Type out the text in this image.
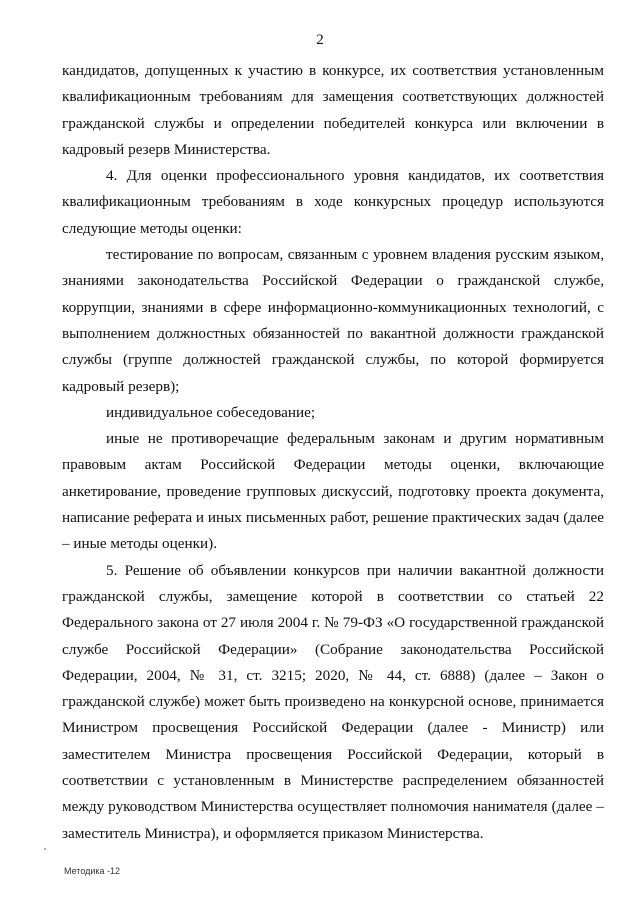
2

кандидатов, допущенных к участию в конкурсе, их соответствия установленным квалификационным требованиям для замещения соответствующих должностей гражданской службы и определении победителей конкурса или включении в кадровый резерв Министерства.

4. Для оценки профессионального уровня кандидатов, их соответствия квалификационным требованиям в ходе конкурсных процедур используются следующие методы оценки:

тестирование по вопросам, связанным с уровнем владения русским языком, знаниями законодательства Российской Федерации о гражданской службе, коррупции, знаниями в сфере информационно-коммуникационных технологий, с выполнением должностных обязанностей по вакантной должности гражданской службы (группе должностей гражданской службы, по которой формируется кадровый резерв);

индивидуальное собеседование;

иные не противоречащие федеральным законам и другим нормативным правовым актам Российской Федерации методы оценки, включающие анкетирование, проведение групповых дискуссий, подготовку проекта документа, написание реферата и иных письменных работ, решение практических задач (далее – иные методы оценки).

5. Решение об объявлении конкурсов при наличии вакантной должности гражданской службы, замещение которой в соответствии со статьей 22 Федерального закона от 27 июля 2004 г. № 79-ФЗ «О государственной гражданской службе Российской Федерации» (Собрание законодательства Российской Федерации, 2004, № 31, ст. 3215; 2020, № 44, ст. 6888) (далее – Закон о гражданской службе) может быть произведено на конкурсной основе, принимается Министром просвещения Российской Федерации (далее - Министр) или заместителем Министра просвещения Российской Федерации, который в соответствии с установленным в Министерстве распределением обязанностей между руководством Министерства осуществляет полномочия нанимателя (далее – заместитель Министра), и оформляется приказом Министерства.

Методика -12
